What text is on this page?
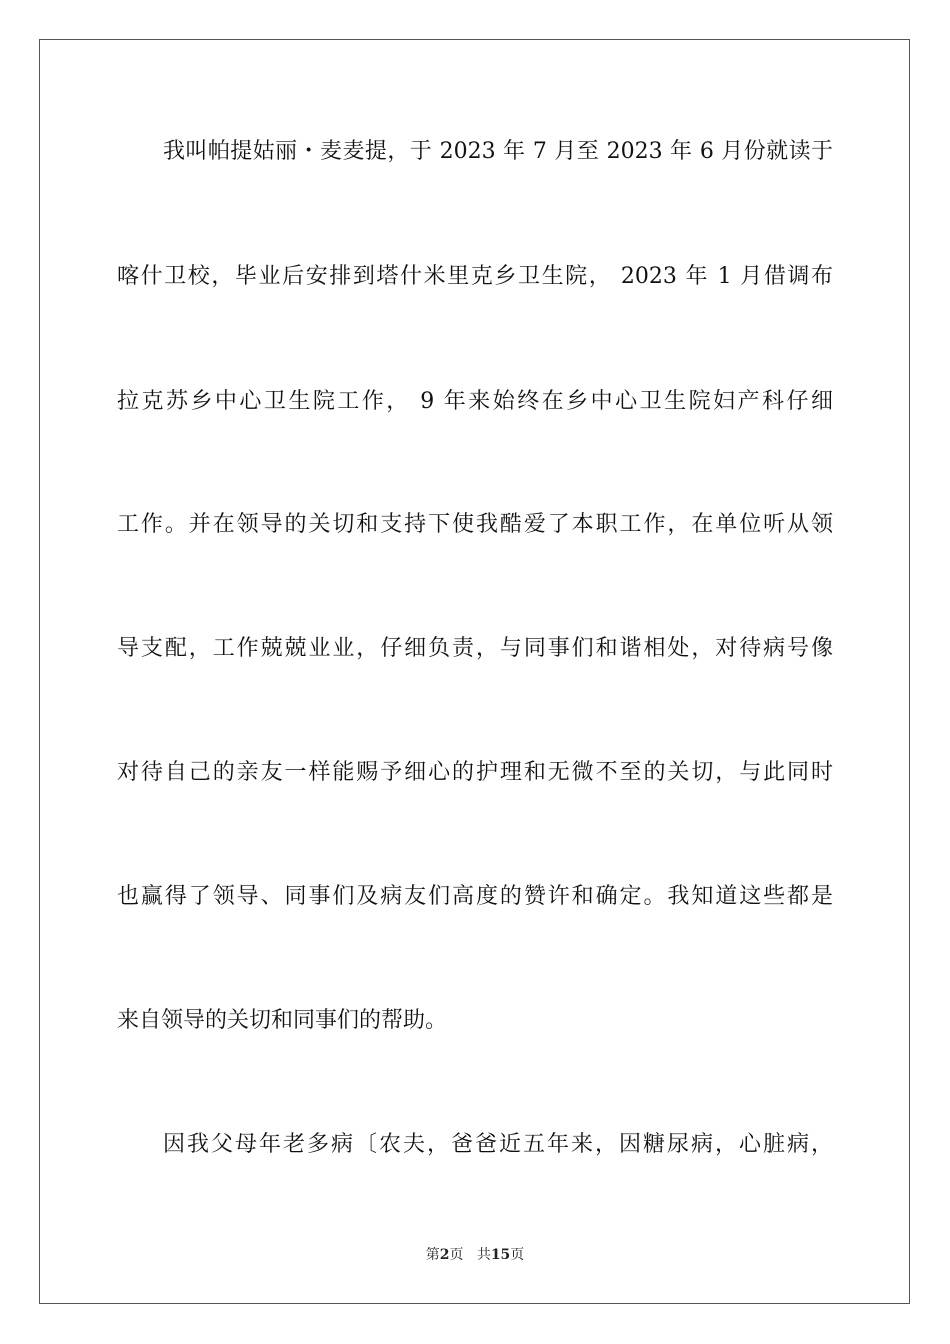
我叫帕提姑丽・麦麦提，于 2023 年 7 月至 2023 年 6 月份就读于
喀什卫校，毕业后安排到塔什米里克乡卫生院， 2023 年 1 月借调布
拉克苏乡中心卫生院工作， 9 年来始终在乡中心卫生院妇产科仔细
工作。并在领导的关切和支持下使我酷爱了本职工作，在单位听从领
导支配，工作兢兢业业，仔细负责，与同事们和谐相处，对待病号像
对待自己的亲友一样能赐予细心的护理和无微不至的关切，与此同时
也赢得了领导、同事们及病友们高度的赞许和确定。我知道这些都是
来自领导的关切和同事们的帮助。
因我父母年老多病〔农夫，爸爸近五年来，因糖尿病，心脏病，
第2页 共15页
